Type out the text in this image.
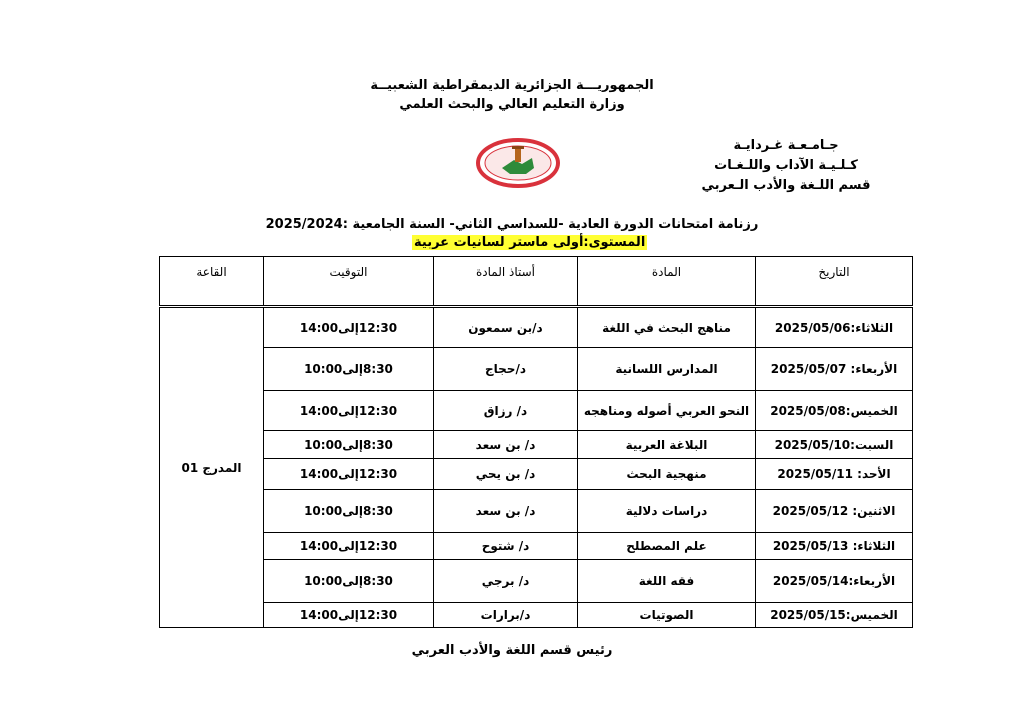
الجمهوريـــة الجزائرية الديمقراطية الشعبيــة
وزارة التعليم العالي والبحث العلمي
جـامـعـة غـردايـة
كـلـيـة الآداب واللـغـات
قسم اللـغة والأدب الـعربي
رزنامة امتحانات الدورة العادية -للسداسي الثاني- السنة الجامعية :2025/2024
المستوى:أولى ماستر لسانيات عربية
التاريخ	المادة	أستاذ المادة	التوقيت	القاعة

الثلاثاء:2025/05/06	مناهج البحث في اللغة	د/بن سمعون	12:30إلى14:00	المدرج 01
الأربعاء: 2025/05/07	المدارس اللسانية	د/حجاج	8:30إلى10:00	
الخميس:2025/05/08	النحو العربي أصوله ومناهجه	د/ رزاق	12:30إلى14:00	
السبت:2025/05/10	البلاغة العربية	د/ بن سعد	8:30إلى10:00	
الأحد: 2025/05/11	منهجية البحث	د/ بن يحي	12:30إلى14:00	
الاثنين: 2025/05/12	دراسات دلالية	د/ بن سعد	8:30إلى10:00	
الثلاثاء: 2025/05/13	علم المصطلح	د/ شتوح	12:30إلى14:00	
الأربعاء:2025/05/14	فقه اللغة	د/ برجي	8:30إلى10:00	
الخميس:2025/05/15	الصوتيات	د/برارات	12:30إلى14:00	
رئيس قسم اللغة والأدب العربي
